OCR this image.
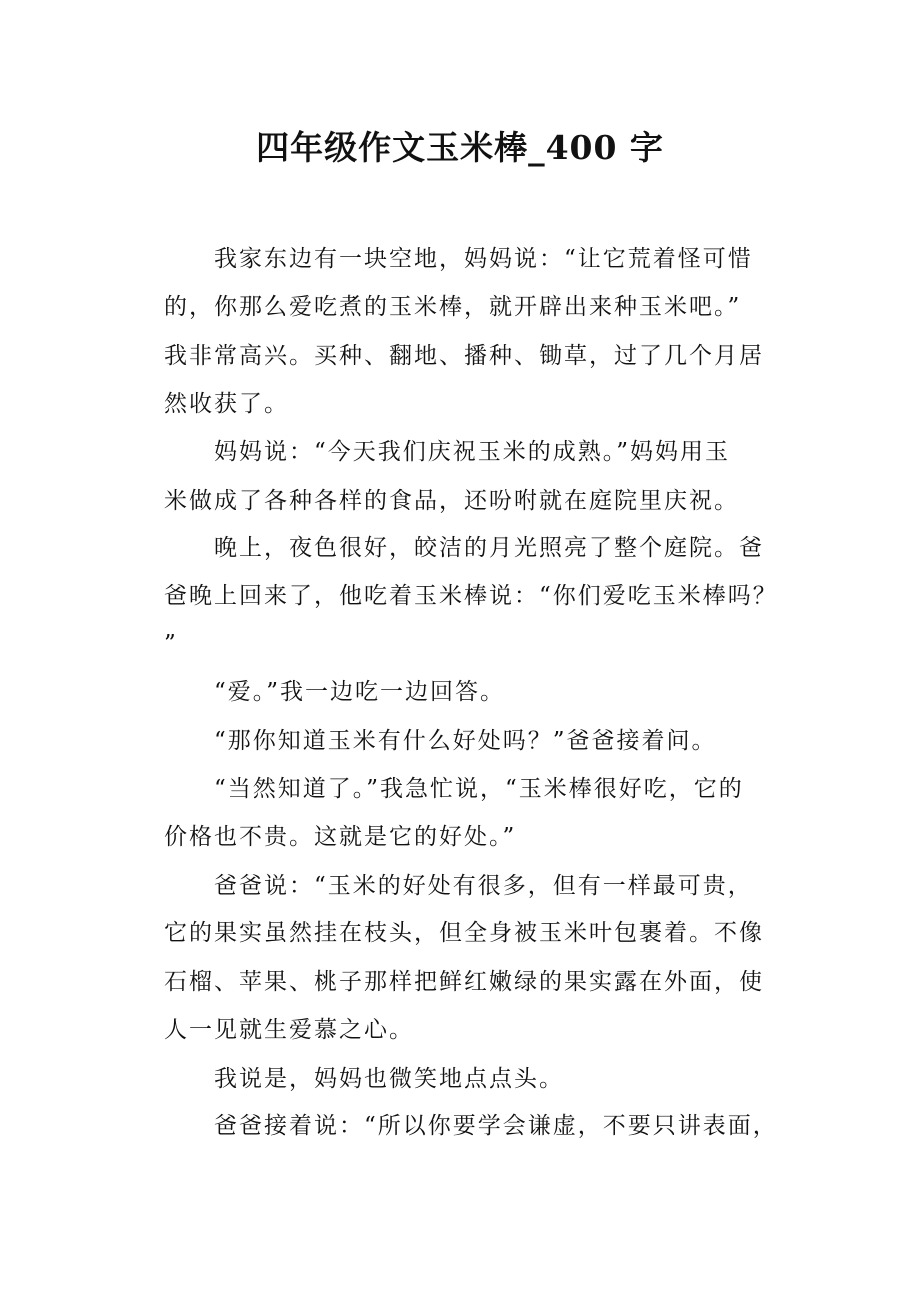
四年级作文玉米棒_400 字

我家东边有一块空地，妈妈说：“让它荒着怪可惜

的，你那么爱吃煮的玉米棒，就开辟出来种玉米吧。”

我非常高兴。买种、翻地、播种、锄草，过了几个月居

然收获了。

妈妈说：“今天我们庆祝玉米的成熟。”妈妈用玉

米做成了各种各样的食品，还吩咐就在庭院里庆祝。

晚上，夜色很好，皎洁的月光照亮了整个庭院。爸

爸晚上回来了，他吃着玉米棒说：“你们爱吃玉米棒吗？

”

“爱。”我一边吃一边回答。

“那你知道玉米有什么好处吗？”爸爸接着问。

“当然知道了。”我急忙说，“玉米棒很好吃，它的

价格也不贵。这就是它的好处。”

爸爸说：“玉米的好处有很多，但有一样最可贵，

它的果实虽然挂在枝头，但全身被玉米叶包裹着。不像

石榴、苹果、桃子那样把鲜红嫩绿的果实露在外面，使

人一见就生爱慕之心。

我说是，妈妈也微笑地点点头。

爸爸接着说：“所以你要学会谦虚，不要只讲表面，
